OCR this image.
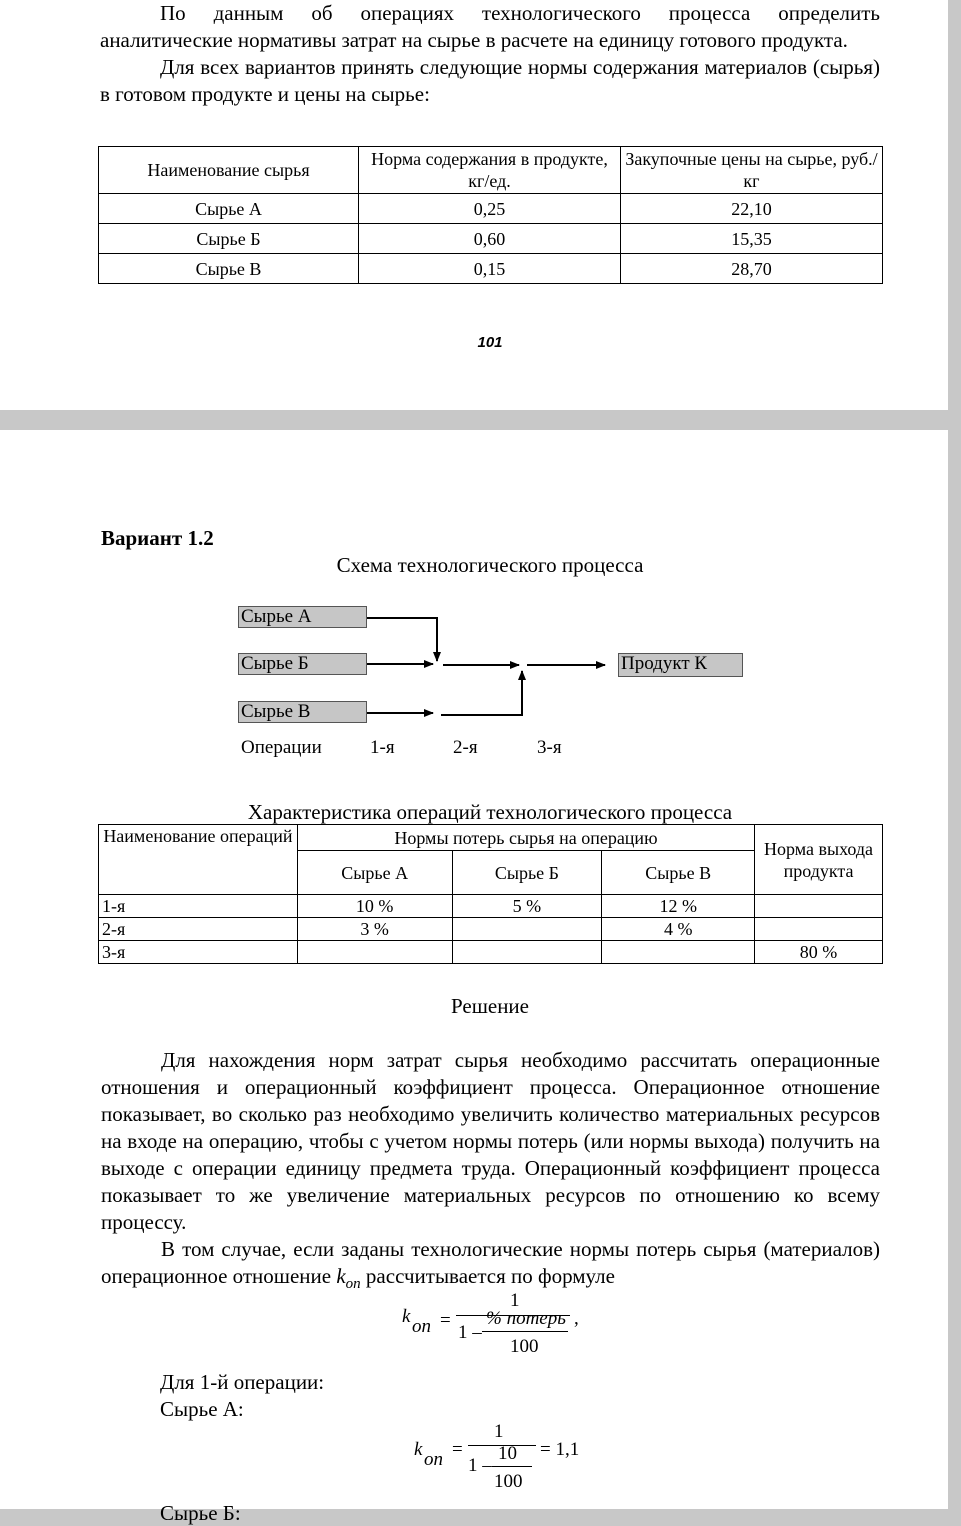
По данным об операциях технологического процесса определить аналитические нормативы затрат на сырье в расчете на единицу готового продукта.

Для всех вариантов принять следующие нормы содержания материалов (сырья) в готовом продукте и цены на сырье:

Наименование сырья	Норма содержания в продукте, кг/ед.	Закупочные цены на сырье, руб./кг
Сырье А	0,25	22,10
Сырье Б	0,60	15,35
Сырье В	0,15	28,70
101
Вариант 1.2
Схема технологического процесса
Сырье А
Сырье Б
Сырье В
Продукт К
Операции	1-я	2-я	3-я
Характеристика операций технологического процесса
Наименование операций	Нормы потерь сырья на операцию			Норма выхода продукта
	Сырье А	Сырье Б	Сырье В	
1-я	10 %	5 %	12 %	
2-я	3 %		4 %	
3-я				80 %
Решение

Для нахождения норм затрат сырья необходимо рассчитать операционные отношения и операционный коэффициент процесса. Операционное отношение показывает, во сколько раз необходимо увеличить количество материальных ресурсов на входе на операцию, чтобы с учетом нормы потерь (или нормы выхода) получить на выходе с операции единицу предмета труда. Операционный коэффициент процесса показывает то же увеличение материальных ресурсов по отношению ко всему процессу.

В том случае, если заданы технологические нормы потерь сырья (материалов) операционное отношение $k_{on}$ рассчитывается по формуле

k on =
1
1 –
% потерь
100
,
Для 1-й операции:
Сырье А:
k on =
1
1 –
10
100
= 1,1
Сырье Б:
